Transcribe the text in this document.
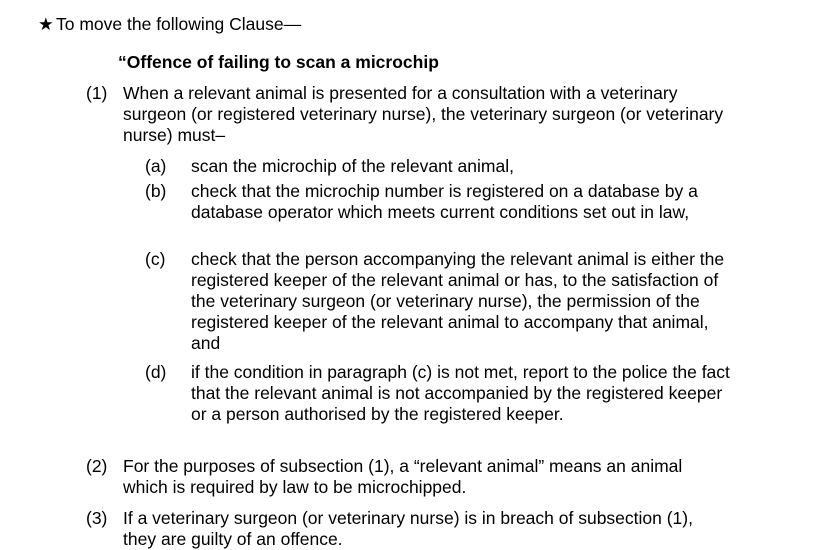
★ To move the following Clause—
“Offence of failing to scan a microchip
(1) When a relevant animal is presented for a consultation with a veterinary surgeon (or registered veterinary nurse), the veterinary surgeon (or veterinary nurse) must–
(a)	scan the microchip of the relevant animal,
(b)	check that the microchip number is registered on a database by a database operator which meets current conditions set out in law,
(c)	check that the person accompanying the relevant animal is either the registered keeper of the relevant animal or has, to the satisfaction of the veterinary surgeon (or veterinary nurse), the permission of the registered keeper of the relevant animal to accompany that animal, and
(d)	if the condition in paragraph (c) is not met, report to the police the fact that the relevant animal is not accompanied by the registered keeper or a person authorised by the registered keeper.
(2) For the purposes of subsection (1), a “relevant animal” means an animal which is required by law to be microchipped.
(3) If a veterinary surgeon (or veterinary nurse) is in breach of subsection (1), they are guilty of an offence.
